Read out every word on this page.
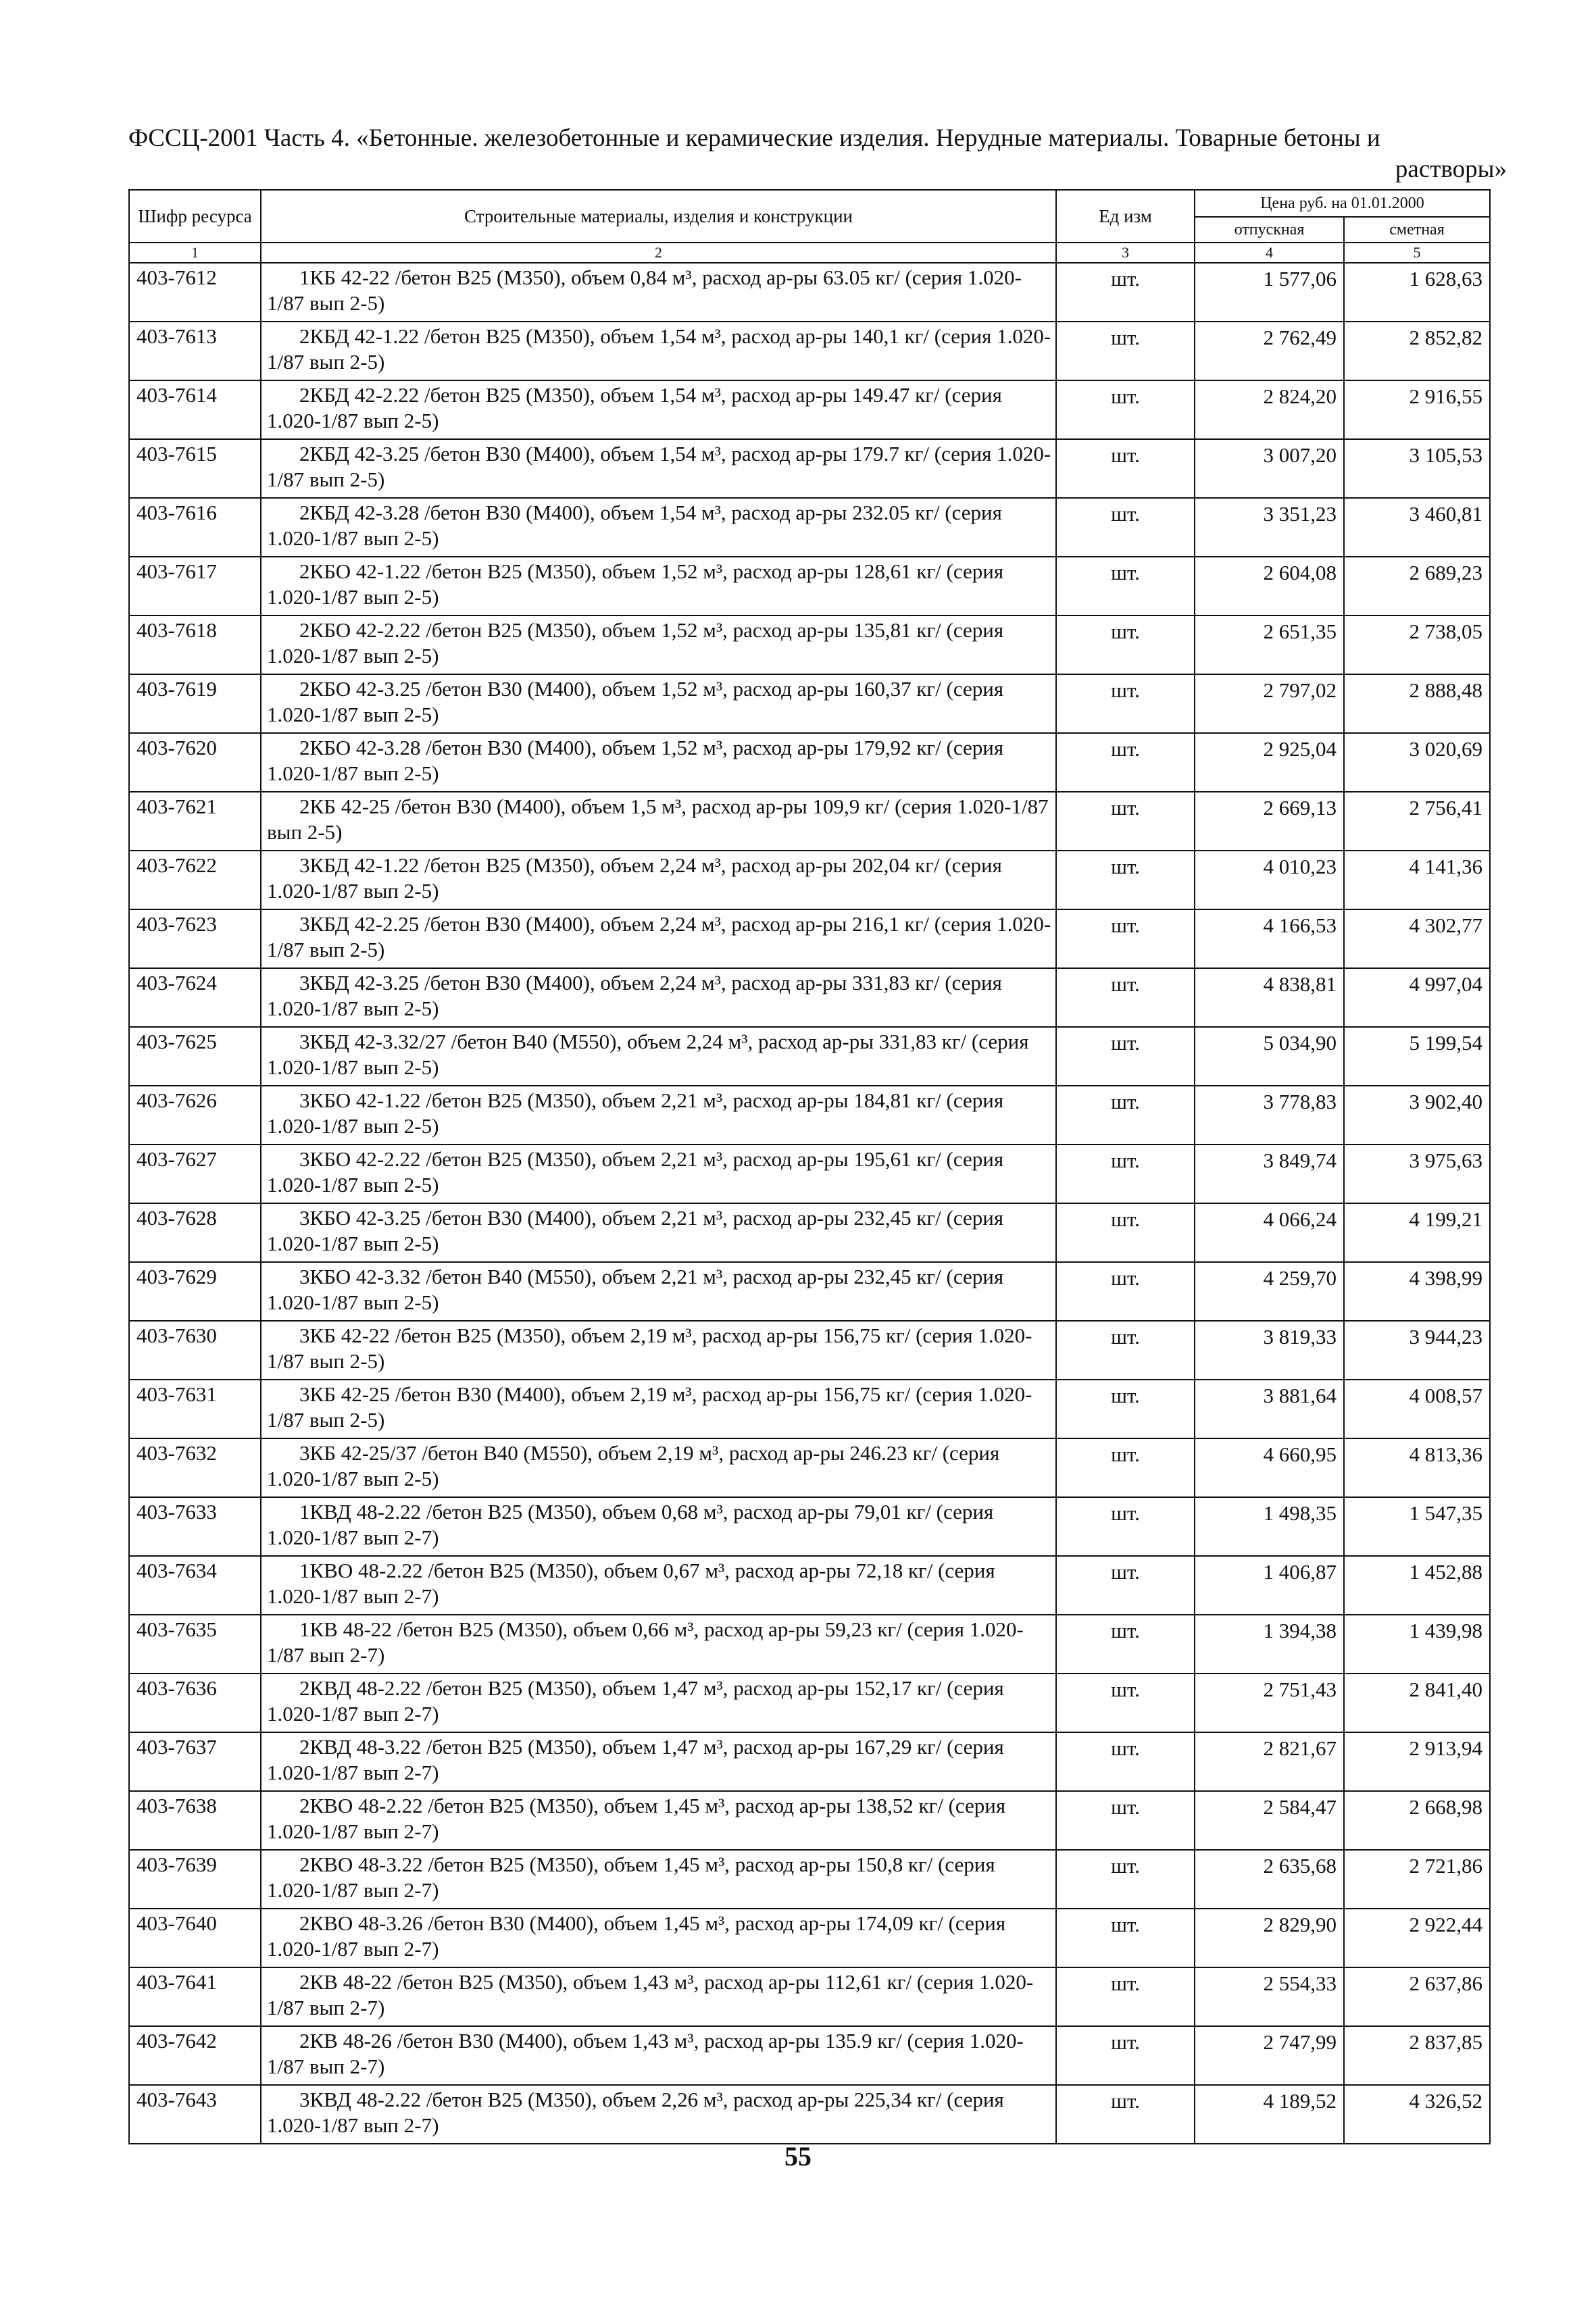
ФССЦ-2001 Часть 4. «Бетонные. железобетонные и керамические изделия. Нерудные материалы. Товарные бетоны и
растворы»
Шифр ресурса	Строительные материалы, изделия и конструкции	Ед изм	Цена руб. на 01.01.2000	
			отпускная	сметная
1	2	3	4	5
403-7612	1КБ 42-22 /бетон В25 (М350), объем 0,84 м³, расход ар-ры 63.05 кг/ (серия 1.020-1/87 вып 2-5)	шт.	1 577,06	1 628,63
403-7613	2КБД 42-1.22 /бетон В25 (М350), объем 1,54 м³, расход ар-ры 140,1 кг/ (серия 1.020-1/87 вып 2-5)	шт.	2 762,49	2 852,82
403-7614	2КБД 42-2.22 /бетон В25 (М350), объем 1,54 м³, расход ар-ры 149.47 кг/ (серия 1.020-1/87 вып 2-5)	шт.	2 824,20	2 916,55
403-7615	2КБД 42-3.25 /бетон В30 (М400), объем 1,54 м³, расход ар-ры 179.7 кг/ (серия 1.020-1/87 вып 2-5)	шт.	3 007,20	3 105,53
403-7616	2КБД 42-3.28 /бетон В30 (М400), объем 1,54 м³, расход ар-ры 232.05 кг/ (серия 1.020-1/87 вып 2-5)	шт.	3 351,23	3 460,81
403-7617	2КБО 42-1.22 /бетон В25 (М350), объем 1,52 м³, расход ар-ры 128,61 кг/ (серия 1.020-1/87 вып 2-5)	шт.	2 604,08	2 689,23
403-7618	2КБО 42-2.22 /бетон В25 (М350), объем 1,52 м³, расход ар-ры 135,81 кг/ (серия 1.020-1/87 вып 2-5)	шт.	2 651,35	2 738,05
403-7619	2КБО 42-3.25 /бетон В30 (М400), объем 1,52 м³, расход ар-ры 160,37 кг/ (серия 1.020-1/87 вып 2-5)	шт.	2 797,02	2 888,48
403-7620	2КБО 42-3.28 /бетон В30 (М400), объем 1,52 м³, расход ар-ры 179,92 кг/ (серия 1.020-1/87 вып 2-5)	шт.	2 925,04	3 020,69
403-7621	2КБ 42-25 /бетон В30 (М400), объем 1,5 м³, расход ар-ры 109,9 кг/ (серия 1.020-1/87 вып 2-5)	шт.	2 669,13	2 756,41
403-7622	3КБД 42-1.22 /бетон В25 (М350), объем 2,24 м³, расход ар-ры 202,04 кг/ (серия 1.020-1/87 вып 2-5)	шт.	4 010,23	4 141,36
403-7623	3КБД 42-2.25 /бетон В30 (М400), объем 2,24 м³, расход ар-ры 216,1 кг/ (серия 1.020-1/87 вып 2-5)	шт.	4 166,53	4 302,77
403-7624	3КБД 42-3.25 /бетон В30 (М400), объем 2,24 м³, расход ар-ры 331,83 кг/ (серия 1.020-1/87 вып 2-5)	шт.	4 838,81	4 997,04
403-7625	3КБД 42-3.32/27 /бетон В40 (М550), объем 2,24 м³, расход ар-ры 331,83 кг/ (серия 1.020-1/87 вып 2-5)	шт.	5 034,90	5 199,54
403-7626	3КБО 42-1.22 /бетон В25 (М350), объем 2,21 м³, расход ар-ры 184,81 кг/ (серия 1.020-1/87 вып 2-5)	шт.	3 778,83	3 902,40
403-7627	3КБО 42-2.22 /бетон В25 (М350), объем 2,21 м³, расход ар-ры 195,61 кг/ (серия 1.020-1/87 вып 2-5)	шт.	3 849,74	3 975,63
403-7628	3КБО 42-3.25 /бетон В30 (М400), объем 2,21 м³, расход ар-ры 232,45 кг/ (серия 1.020-1/87 вып 2-5)	шт.	4 066,24	4 199,21
403-7629	3КБО 42-3.32 /бетон В40 (М550), объем 2,21 м³, расход ар-ры 232,45 кг/ (серия 1.020-1/87 вып 2-5)	шт.	4 259,70	4 398,99
403-7630	3КБ 42-22 /бетон В25 (М350), объем 2,19 м³, расход ар-ры 156,75 кг/ (серия 1.020-1/87 вып 2-5)	шт.	3 819,33	3 944,23
403-7631	3КБ 42-25 /бетон В30 (М400), объем 2,19 м³, расход ар-ры 156,75 кг/ (серия 1.020-1/87 вып 2-5)	шт.	3 881,64	4 008,57
403-7632	3КБ 42-25/37 /бетон В40 (М550), объем 2,19 м³, расход ар-ры 246.23 кг/ (серия 1.020-1/87 вып 2-5)	шт.	4 660,95	4 813,36
403-7633	1КВД 48-2.22 /бетон В25 (М350), объем 0,68 м³, расход ар-ры 79,01 кг/ (серия 1.020-1/87 вып 2-7)	шт.	1 498,35	1 547,35
403-7634	1КВО 48-2.22 /бетон В25 (М350), объем 0,67 м³, расход ар-ры 72,18 кг/ (серия 1.020-1/87 вып 2-7)	шт.	1 406,87	1 452,88
403-7635	1КВ 48-22 /бетон В25 (М350), объем 0,66 м³, расход ар-ры 59,23 кг/ (серия 1.020-1/87 вып 2-7)	шт.	1 394,38	1 439,98
403-7636	2КВД 48-2.22 /бетон В25 (М350), объем 1,47 м³, расход ар-ры 152,17 кг/ (серия 1.020-1/87 вып 2-7)	шт.	2 751,43	2 841,40
403-7637	2КВД 48-3.22 /бетон В25 (М350), объем 1,47 м³, расход ар-ры 167,29 кг/ (серия 1.020-1/87 вып 2-7)	шт.	2 821,67	2 913,94
403-7638	2КВО 48-2.22 /бетон В25 (М350), объем 1,45 м³, расход ар-ры 138,52 кг/ (серия 1.020-1/87 вып 2-7)	шт.	2 584,47	2 668,98
403-7639	2КВО 48-3.22 /бетон В25 (М350), объем 1,45 м³, расход ар-ры 150,8 кг/ (серия 1.020-1/87 вып 2-7)	шт.	2 635,68	2 721,86
403-7640	2КВО 48-3.26 /бетон В30 (М400), объем 1,45 м³, расход ар-ры 174,09 кг/ (серия 1.020-1/87 вып 2-7)	шт.	2 829,90	2 922,44
403-7641	2КВ 48-22 /бетон В25 (М350), объем 1,43 м³, расход ар-ры 112,61 кг/ (серия 1.020-1/87 вып 2-7)	шт.	2 554,33	2 637,86
403-7642	2КВ 48-26 /бетон В30 (М400), объем 1,43 м³, расход ар-ры 135.9 кг/ (серия 1.020-1/87 вып 2-7)	шт.	2 747,99	2 837,85
403-7643	3КВД 48-2.22 /бетон В25 (М350), объем 2,26 м³, расход ар-ры 225,34 кг/ (серия 1.020-1/87 вып 2-7)	шт.	4 189,52	4 326,52
55
